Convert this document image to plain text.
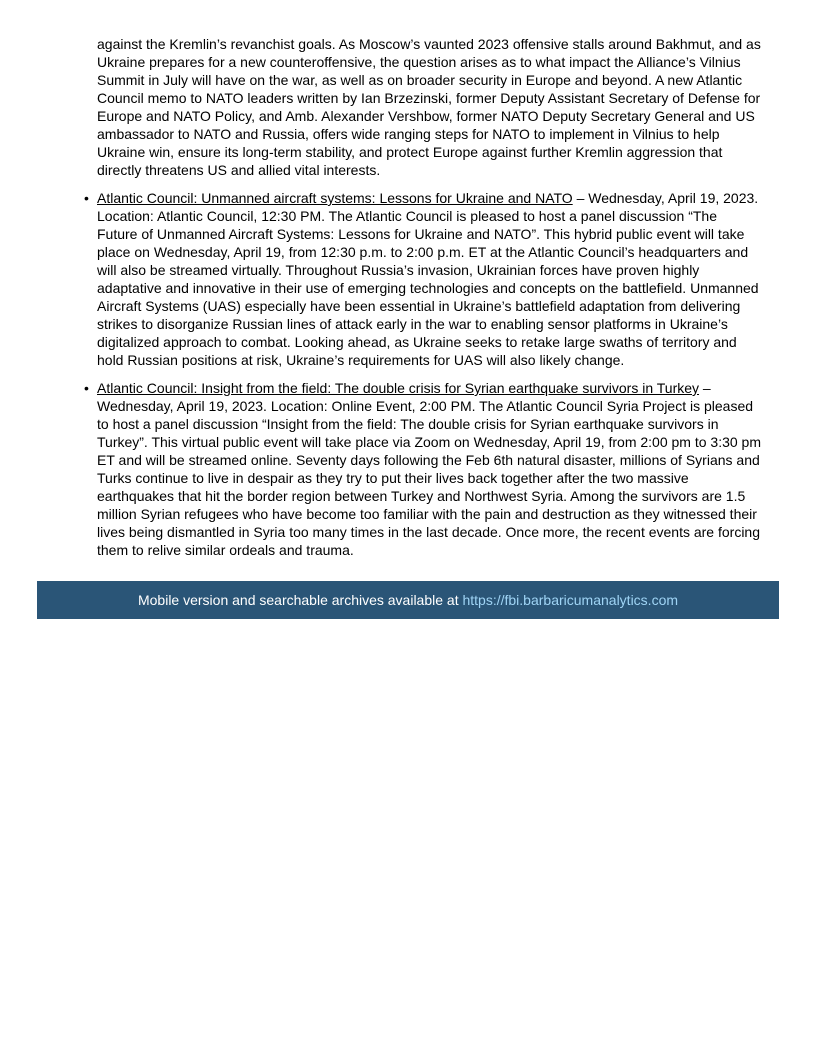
against the Kremlin’s revanchist goals. As Moscow’s vaunted 2023 offensive stalls around Bakhmut, and as Ukraine prepares for a new counteroffensive, the question arises as to what impact the Alliance’s Vilnius Summit in July will have on the war, as well as on broader security in Europe and beyond. A new Atlantic Council memo to NATO leaders written by Ian Brzezinski, former Deputy Assistant Secretary of Defense for Europe and NATO Policy, and Amb. Alexander Vershbow, former NATO Deputy Secretary General and US ambassador to NATO and Russia, offers wide ranging steps for NATO to implement in Vilnius to help Ukraine win, ensure its long-term stability, and protect Europe against further Kremlin aggression that directly threatens US and allied vital interests.

• Atlantic Council: Unmanned aircraft systems: Lessons for Ukraine and NATO – Wednesday, April 19, 2023. Location: Atlantic Council, 12:30 PM. The Atlantic Council is pleased to host a panel discussion “The Future of Unmanned Aircraft Systems: Lessons for Ukraine and NATO”. This hybrid public event will take place on Wednesday, April 19, from 12:30 p.m. to 2:00 p.m. ET at the Atlantic Council’s headquarters and will also be streamed virtually. Throughout Russia’s invasion, Ukrainian forces have proven highly adaptative and innovative in their use of emerging technologies and concepts on the battlefield. Unmanned Aircraft Systems (UAS) especially have been essential in Ukraine’s battlefield adaptation from delivering strikes to disorganize Russian lines of attack early in the war to enabling sensor platforms in Ukraine’s digitalized approach to combat. Looking ahead, as Ukraine seeks to retake large swaths of territory and hold Russian positions at risk, Ukraine’s requirements for UAS will also likely change.
• Atlantic Council: Insight from the field: The double crisis for Syrian earthquake survivors in Turkey – Wednesday, April 19, 2023. Location: Online Event, 2:00 PM. The Atlantic Council Syria Project is pleased to host a panel discussion “Insight from the field: The double crisis for Syrian earthquake survivors in Turkey”. This virtual public event will take place via Zoom on Wednesday, April 19, from 2:00 pm to 3:30 pm ET and will be streamed online. Seventy days following the Feb 6th natural disaster, millions of Syrians and Turks continue to live in despair as they try to put their lives back together after the two massive earthquakes that hit the border region between Turkey and Northwest Syria. Among the survivors are 1.5 million Syrian refugees who have become too familiar with the pain and destruction as they witnessed their lives being dismantled in Syria too many times in the last decade. Once more, the recent events are forcing them to relive similar ordeals and trauma.
Mobile version and searchable archives available at https://fbi.barbaricumanalytics.com
